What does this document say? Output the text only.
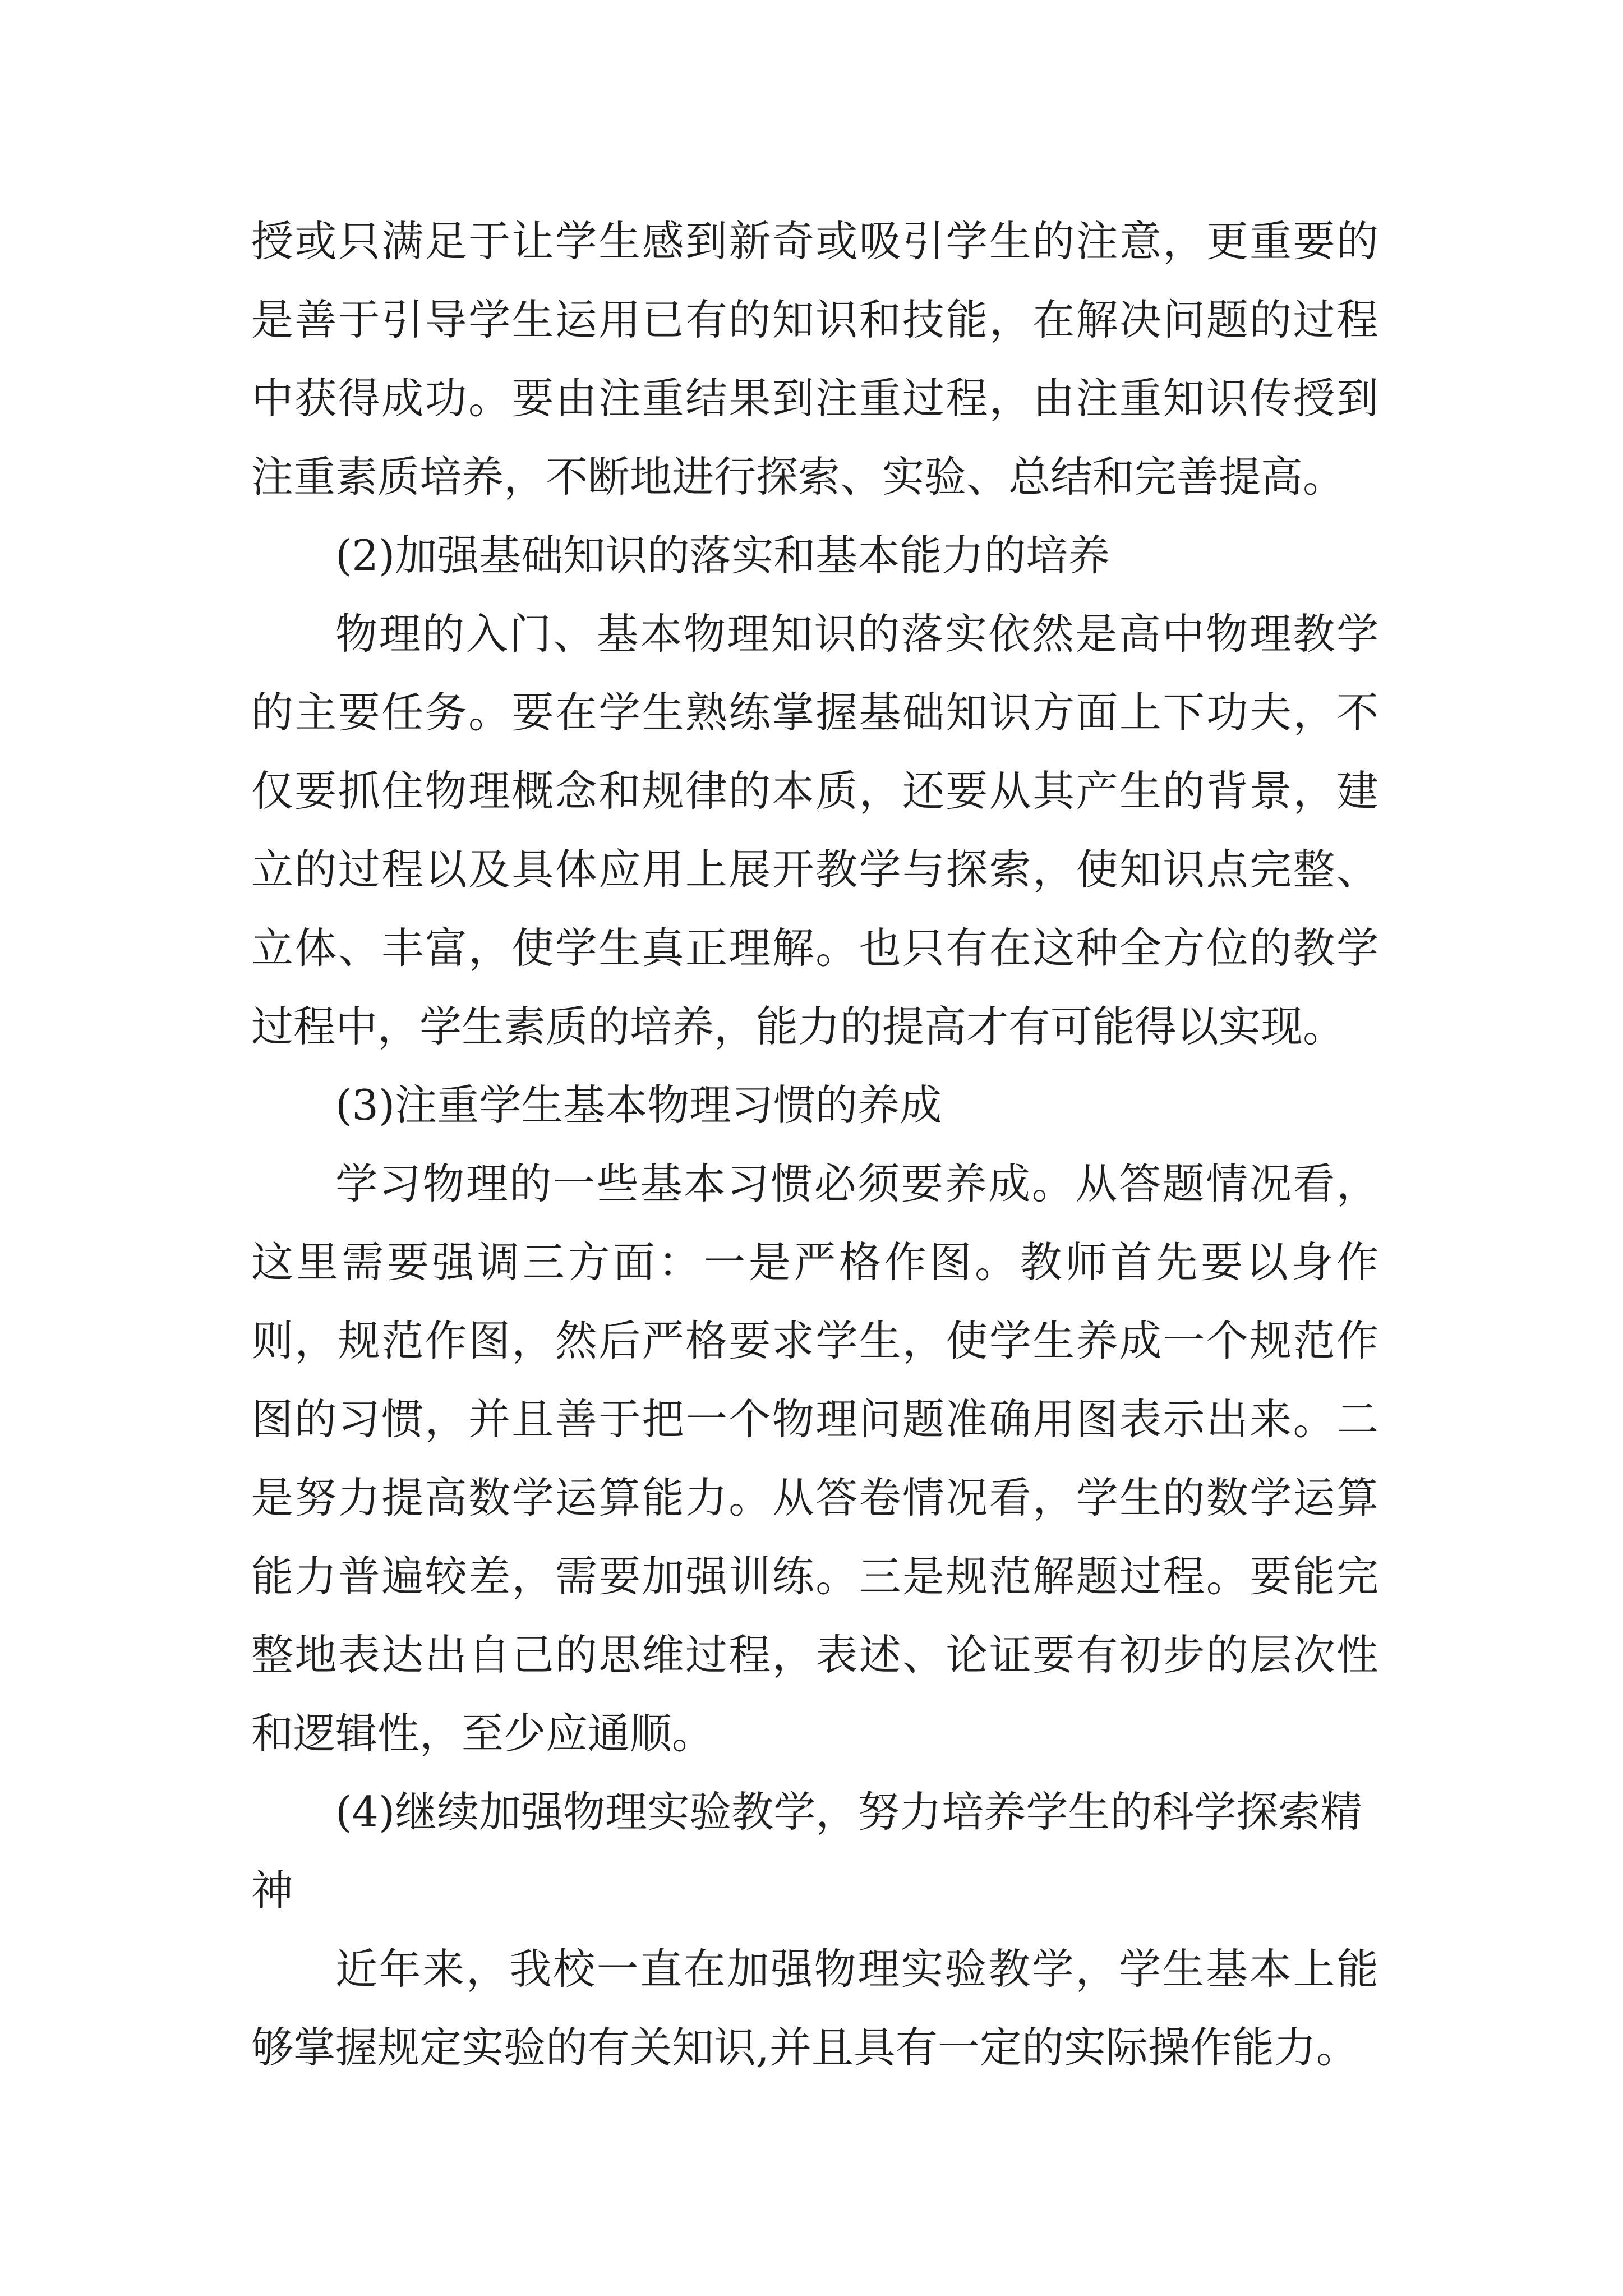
授或只满足于让学生感到新奇或吸引学生的注意，更重要的是善于引导学生运用已有的知识和技能，在解决问题的过程中获得成功。要由注重结果到注重过程，由注重知识传授到注重素质培养，不断地进行探索、实验、总结和完善提高。

(2)加强基础知识的落实和基本能力的培养

物理的入门、基本物理知识的落实依然是高中物理教学的主要任务。要在学生熟练掌握基础知识方面上下功夫，不仅要抓住物理概念和规律的本质，还要从其产生的背景，建立的过程以及具体应用上展开教学与探索，使知识点完整、立体、丰富，使学生真正理解。也只有在这种全方位的教学过程中，学生素质的培养，能力的提高才有可能得以实现。

(3)注重学生基本物理习惯的养成

学习物理的一些基本习惯必须要养成。从答题情况看，这里需要强调三方面：一是严格作图。教师首先要以身作则，规范作图，然后严格要求学生，使学生养成一个规范作图的习惯，并且善于把一个物理问题准确用图表示出来。二是努力提高数学运算能力。从答卷情况看，学生的数学运算能力普遍较差，需要加强训练。三是规范解题过程。要能完整地表达出自己的思维过程，表述、论证要有初步的层次性和逻辑性，至少应通顺。

(4)继续加强物理实验教学，努力培养学生的科学探索精神

近年来，我校一直在加强物理实验教学，学生基本上能够掌握规定实验的有关知识,并且具有一定的实际操作能力。
